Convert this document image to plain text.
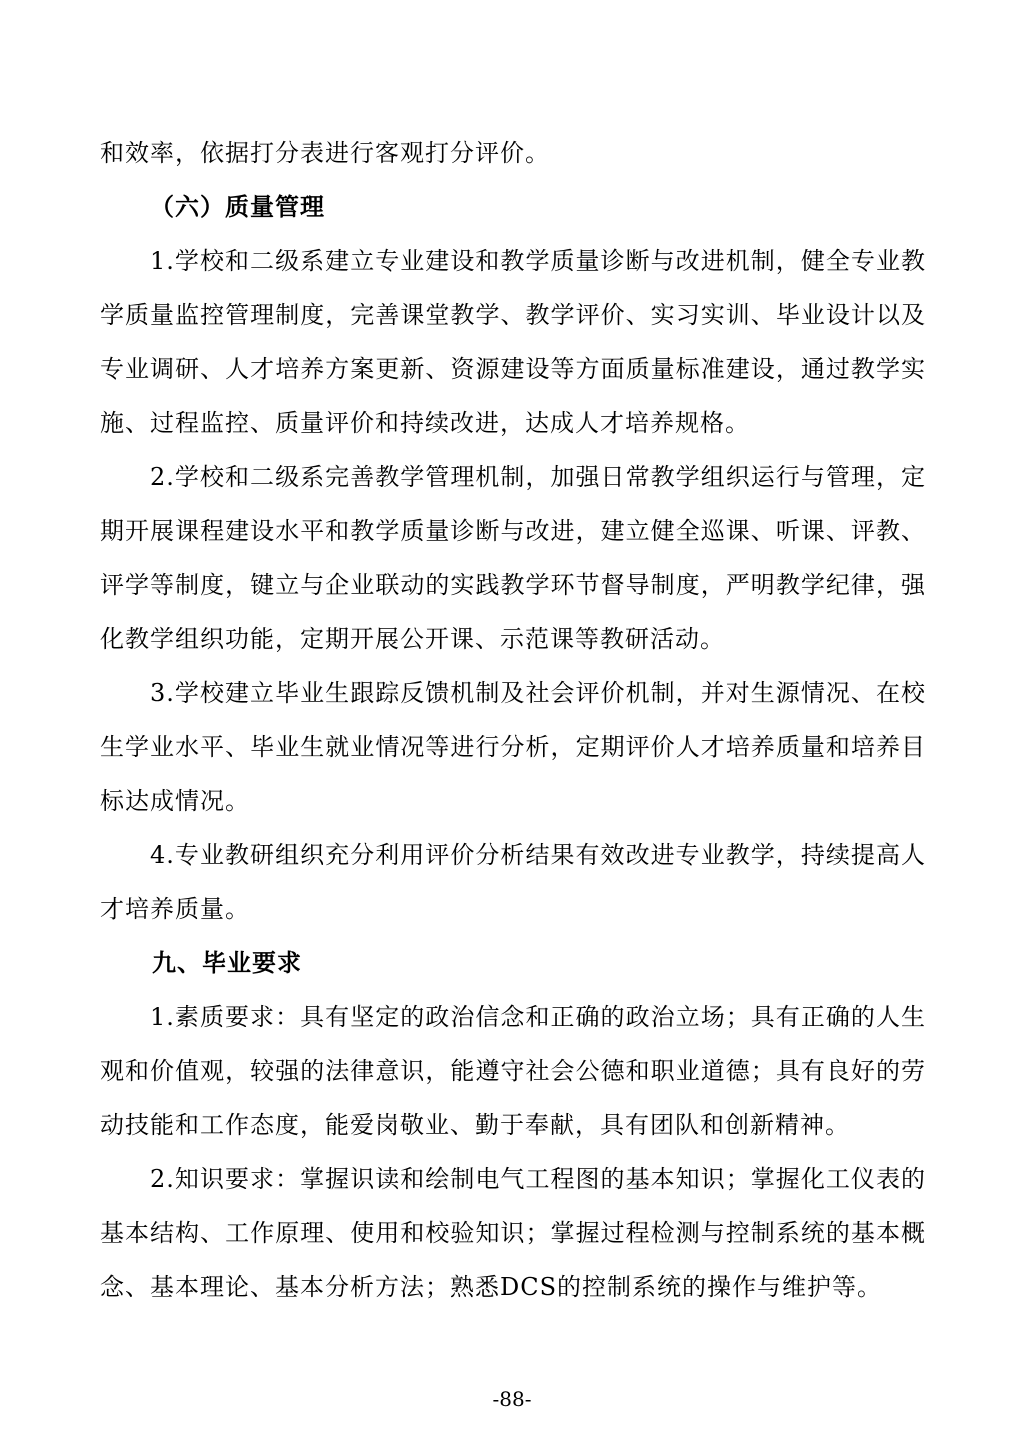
和效率，依据打分表进行客观打分评价。

（六）质量管理

1.学校和二级系建立专业建设和教学质量诊断与改进机制，健全专业教学质量监控管理制度，完善课堂教学、教学评价、实习实训、毕业设计以及专业调研、人才培养方案更新、资源建设等方面质量标准建设，通过教学实施、过程监控、质量评价和持续改进，达成人才培养规格。

2.学校和二级系完善教学管理机制，加强日常教学组织运行与管理，定期开展课程建设水平和教学质量诊断与改进，建立健全巡课、听课、评教、评学等制度，键立与企业联动的实践教学环节督导制度，严明教学纪律，强化教学组织功能，定期开展公开课、示范课等教研活动。

3.学校建立毕业生跟踪反馈机制及社会评价机制，并对生源情况、在校生学业水平、毕业生就业情况等进行分析，定期评价人才培养质量和培养目标达成情况。

4.专业教研组织充分利用评价分析结果有效改进专业教学，持续提高人才培养质量。

九、毕业要求

1.素质要求：具有坚定的政治信念和正确的政治立场；具有正确的人生观和价值观，较强的法律意识，能遵守社会公德和职业道德；具有良好的劳动技能和工作态度，能爱岗敬业、勤于奉献，具有团队和创新精神。

2.知识要求：掌握识读和绘制电气工程图的基本知识；掌握化工仪表的基本结构、工作原理、使用和校验知识；掌握过程检测与控制系统的基本概念、基本理论、基本分析方法；熟悉DCS的控制系统的操作与维护等。

-88-
